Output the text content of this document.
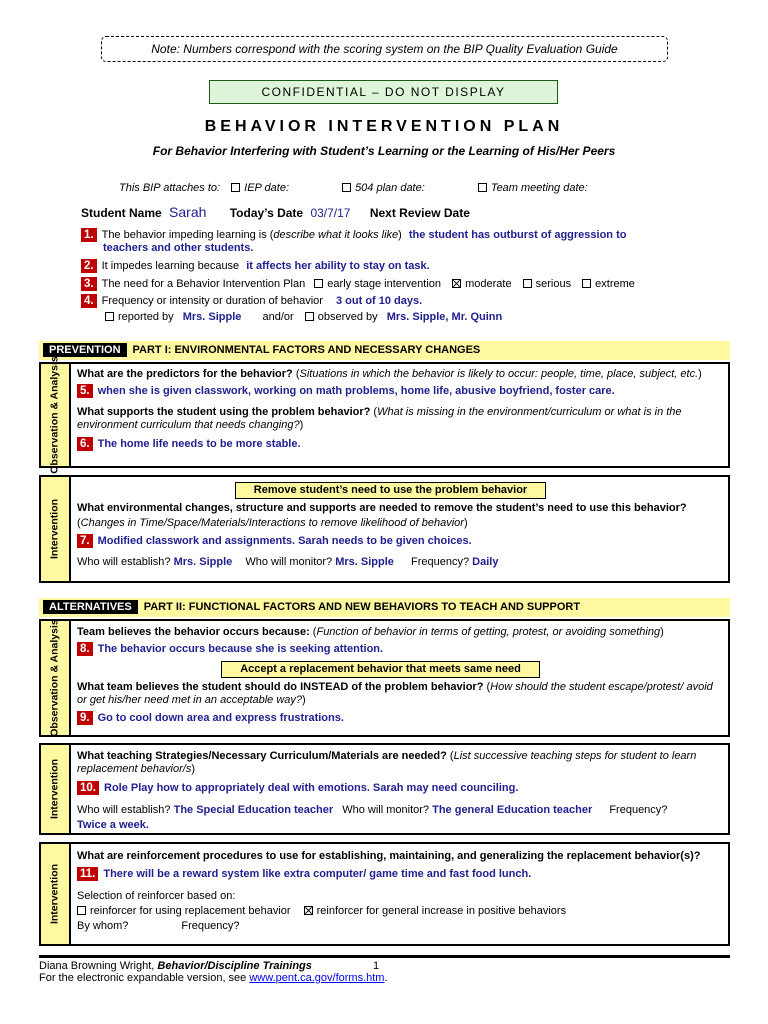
Note: Numbers correspond with the scoring system on the BIP Quality Evaluation Guide
CONFIDENTIAL – DO NOT DISPLAY
BEHAVIOR INTERVENTION PLAN
For Behavior Interfering with Student’s Learning or the Learning of His/Her Peers
This BIP attaches to: IEP date:	504 plan date:	Team meeting date:
Student Name Sarah Today’s Date 03/7/17 Next Review Date
1. The behavior impeding learning is (describe what it looks like) the student has outburst of aggression to
teachers and other students.
2. It impedes learning because it affects her ability to stay on task.
3. The need for a Behavior Intervention Plan early stage intervention moderate serious extreme
4. Frequency or intensity or duration of behavior 3 out of 10 days.
reported by Mrs. Sipple and/or observed by Mrs. Sipple, Mr. Quinn
PREVENTION PART I: ENVIRONMENTAL FACTORS AND NECESSARY CHANGES
Observation & Analysis What are the predictors for the behavior? (Situations in which the behavior is likely to occur: people, time, place, subject, etc.)

5. when she is given classwork, working on math problems, home life, abusive boyfriend, foster care.

What supports the student using the problem behavior? (What is missing in the environment/curriculum or what is in the environment curriculum that needs changing?)

6. The home life needs to be more stable.

Intervention

Remove student’s need to use the problem behavior

What environmental changes, structure and supports are needed to remove the student’s need to use this behavior?

(Changes in Time/Space/Materials/Interactions to remove likelihood of behavior)

7. Modified classwork and assignments. Sarah needs to be given choices.

Who will establish? Mrs. Sipple Who will monitor? Mrs. Sipple Frequency? Daily

ALTERNATIVES PART II: FUNCTIONAL FACTORS AND NEW BEHAVIORS TO TEACH AND SUPPORT
Observation & Analysis Team believes the behavior occurs because: (Function of behavior in terms of getting, protest, or avoiding something)

8. The behavior occurs because she is seeking attention.

Accept a replacement behavior that meets same need

What team believes the student should do INSTEAD of the problem behavior? (How should the student escape/protest/ avoid or get his/her need met in an acceptable way?)

9. Go to cool down area and express frustrations.

Intervention

What teaching Strategies/Necessary Curriculum/Materials are needed? (List successive teaching steps for student to learn replacement behavior/s)

10. Role Play how to appropriately deal with emotions. Sarah may need counciling.

Who will establish? The Special Education teacher Who will monitor? The general Education teacher Frequency?

Twice a week.

Intervention

What are reinforcement procedures to use for establishing, maintaining, and generalizing the replacement behavior(s)?

11. There will be a reward system like extra computer/ game time and fast food lunch.

Selection of reinforcer based on:

reinforcer for using replacement behavior reinforcer for general increase in positive behaviors

By whom?	Frequency?

Diana Browning Wright, Behavior/Discipline Trainings	1

For the electronic expandable version, see www.pent.ca.gov/forms.htm.
